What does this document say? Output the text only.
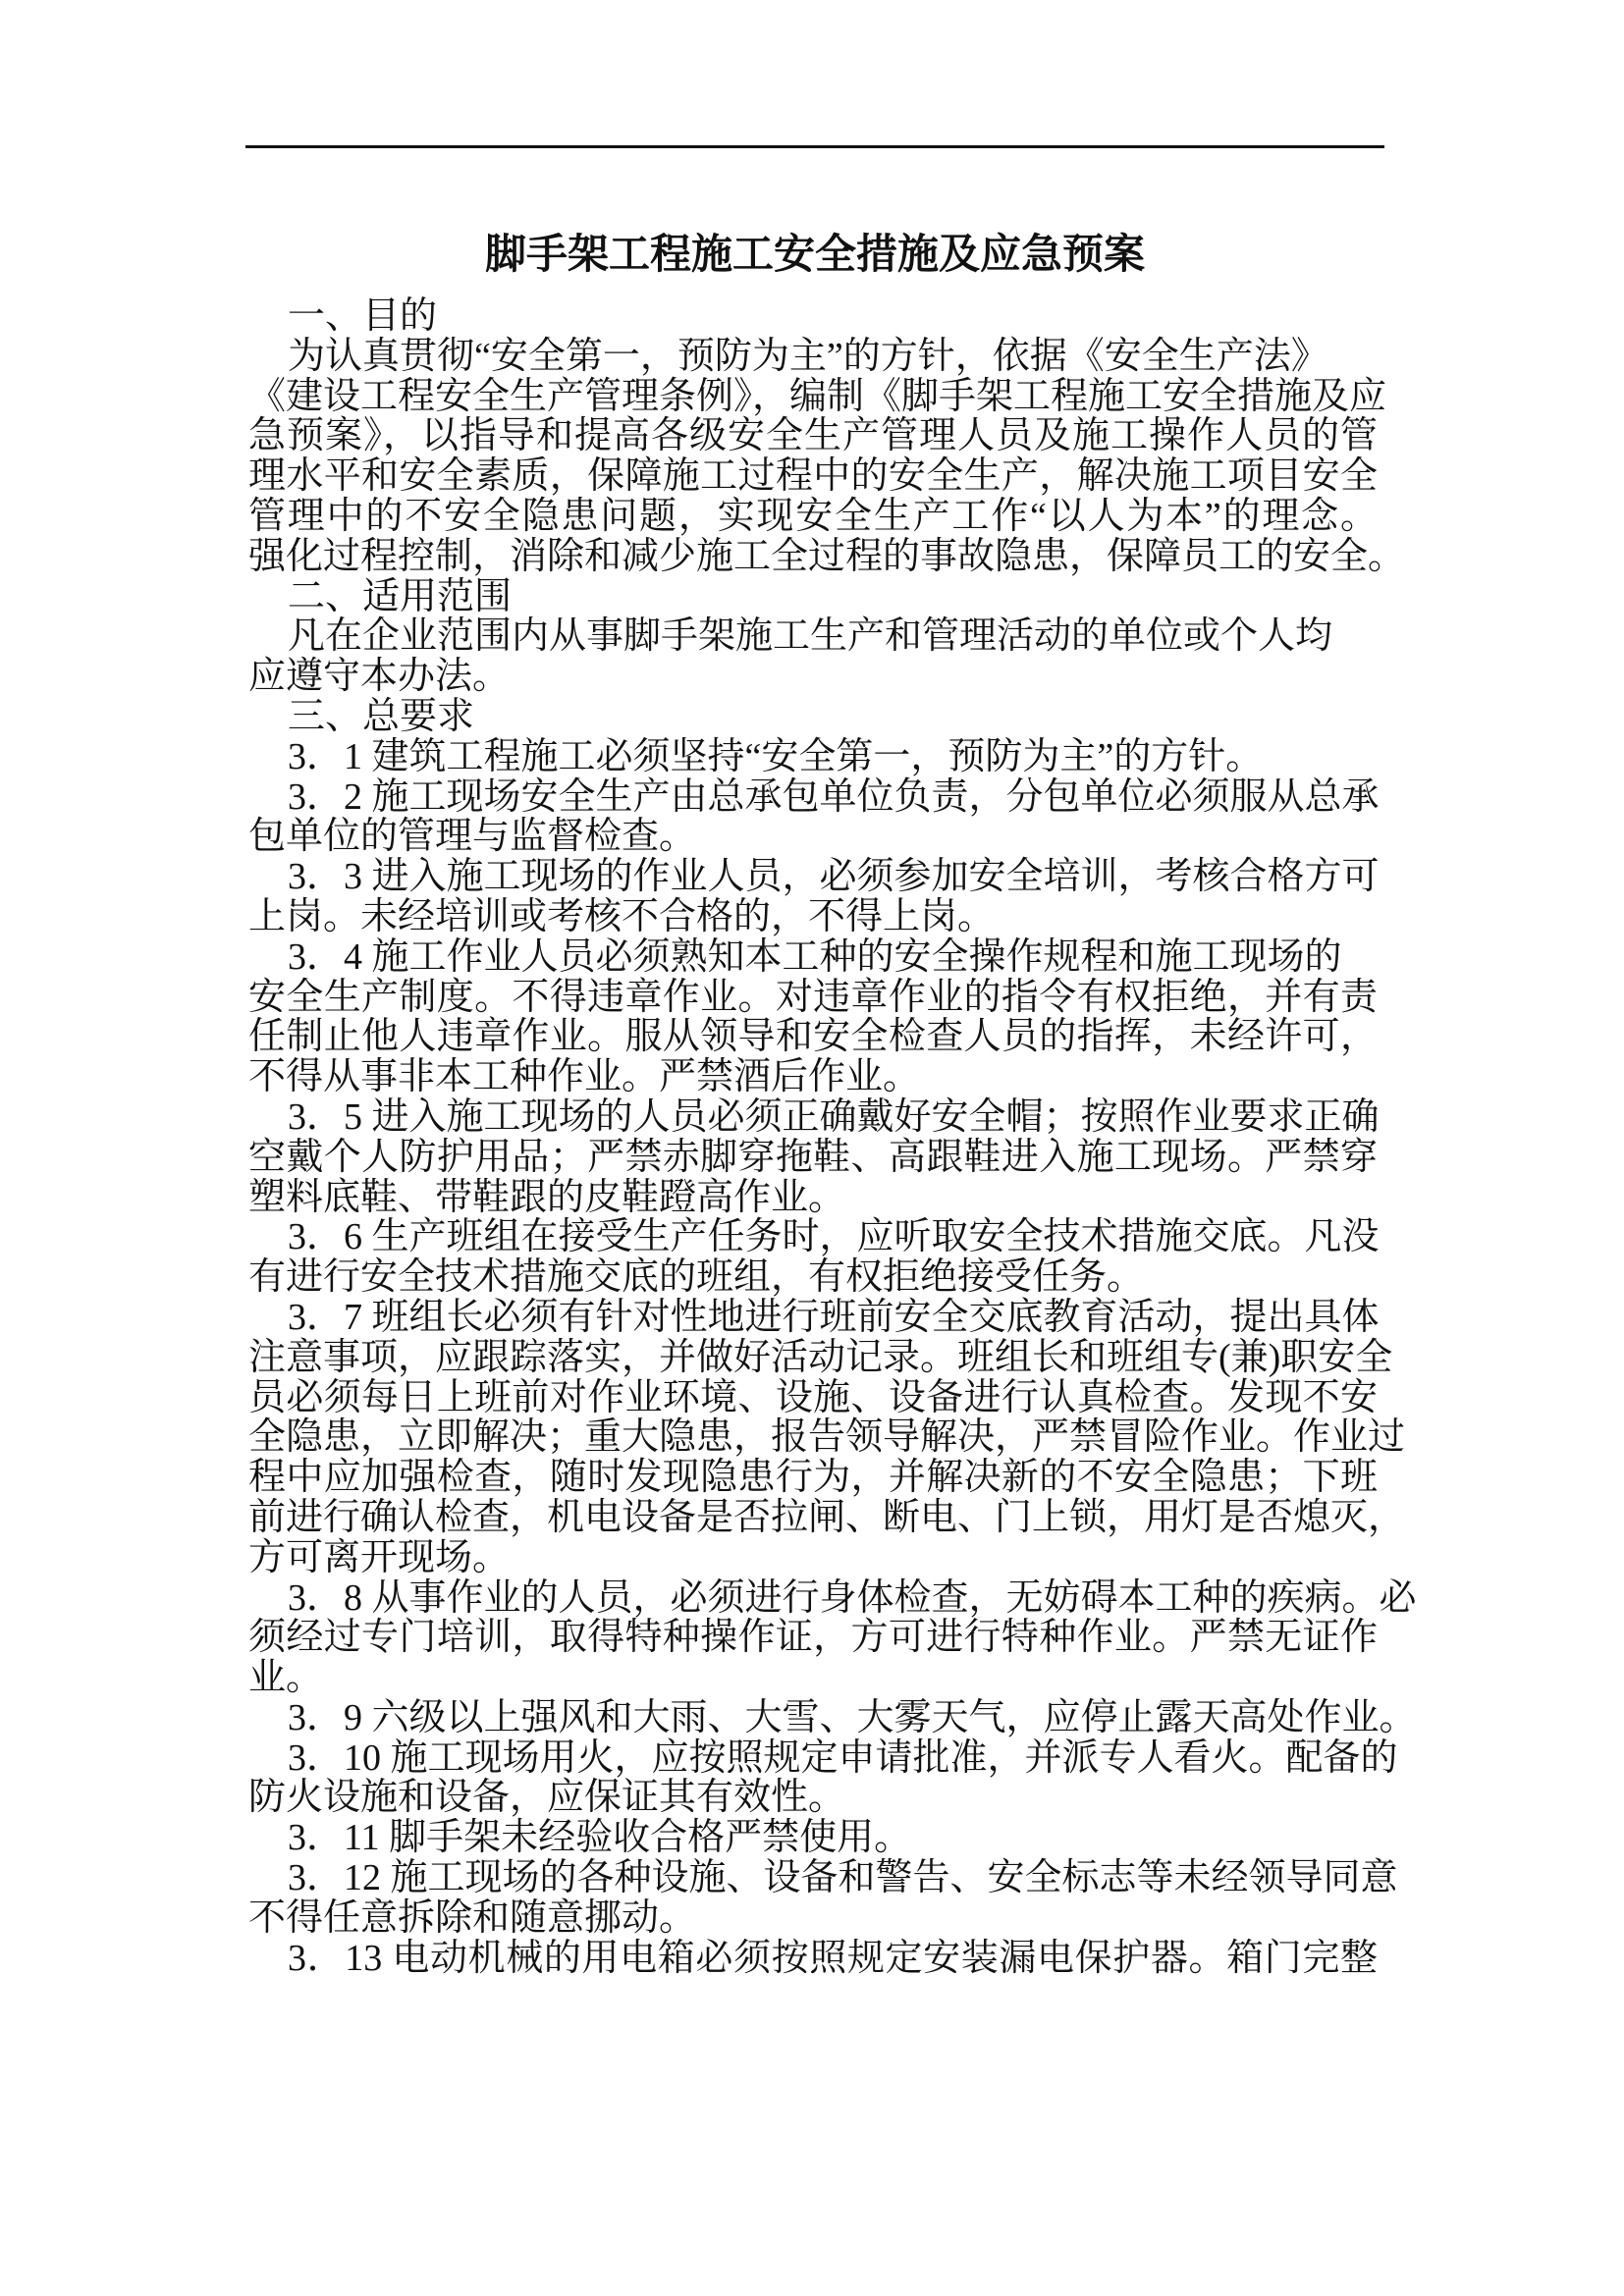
脚手架工程施工安全措施及应急预案
一、目的
为认真贯彻“安全第一，预防为主”的方针，依据《安全生产法》
《建设工程安全生产管理条例》，编制《脚手架工程施工安全措施及应
急预案》，以指导和提高各级安全生产管理人员及施工操作人员的管
理水平和安全素质，保障施工过程中的安全生产，解决施工项目安全
管理中的不安全隐患问题，实现安全生产工作“以人为本”的理念。
强化过程控制，消除和减少施工全过程的事故隐患，保障员工的安全。
二、适用范围
凡在企业范围内从事脚手架施工生产和管理活动的单位或个人均
应遵守本办法。
三、总要求
3．1 建筑工程施工必须坚持“安全第一，预防为主”的方针。
3．2 施工现场安全生产由总承包单位负责，分包单位必须服从总承
包单位的管理与监督检查。
3．3 进入施工现场的作业人员，必须参加安全培训，考核合格方可
上岗。未经培训或考核不合格的，不得上岗。
3．4 施工作业人员必须熟知本工种的安全操作规程和施工现场的
安全生产制度。不得违章作业。对违章作业的指令有权拒绝，并有责
任制止他人违章作业。服从领导和安全检查人员的指挥，未经许可，
不得从事非本工种作业。严禁酒后作业。
3．5 进入施工现场的人员必须正确戴好安全帽；按照作业要求正确
空戴个人防护用品；严禁赤脚穿拖鞋、高跟鞋进入施工现场。严禁穿
塑料底鞋、带鞋跟的皮鞋蹬高作业。
3．6 生产班组在接受生产任务时，应听取安全技术措施交底。凡没
有进行安全技术措施交底的班组，有权拒绝接受任务。
3．7 班组长必须有针对性地进行班前安全交底教育活动，提出具体
注意事项，应跟踪落实，并做好活动记录。班组长和班组专(兼)职安全
员必须每日上班前对作业环境、设施、设备进行认真检查。发现不安
全隐患，立即解决；重大隐患，报告领导解决，严禁冒险作业。作业过
程中应加强检查，随时发现隐患行为，并解决新的不安全隐患；下班
前进行确认检查，机电设备是否拉闸、断电、门上锁，用灯是否熄灭，
方可离开现场。
3．8 从事作业的人员，必须进行身体检查，无妨碍本工种的疾病。必
须经过专门培训，取得特种操作证，方可进行特种作业。严禁无证作
业。
3．9 六级以上强风和大雨、大雪、大雾天气，应停止露天高处作业。
3．10 施工现场用火，应按照规定申请批准，并派专人看火。配备的
防火设施和设备，应保证其有效性。
3．11 脚手架未经验收合格严禁使用。
3．12 施工现场的各种设施、设备和警告、安全标志等未经领导同意
不得任意拆除和随意挪动。
3．13 电动机械的用电箱必须按照规定安装漏电保护器。箱门完整
